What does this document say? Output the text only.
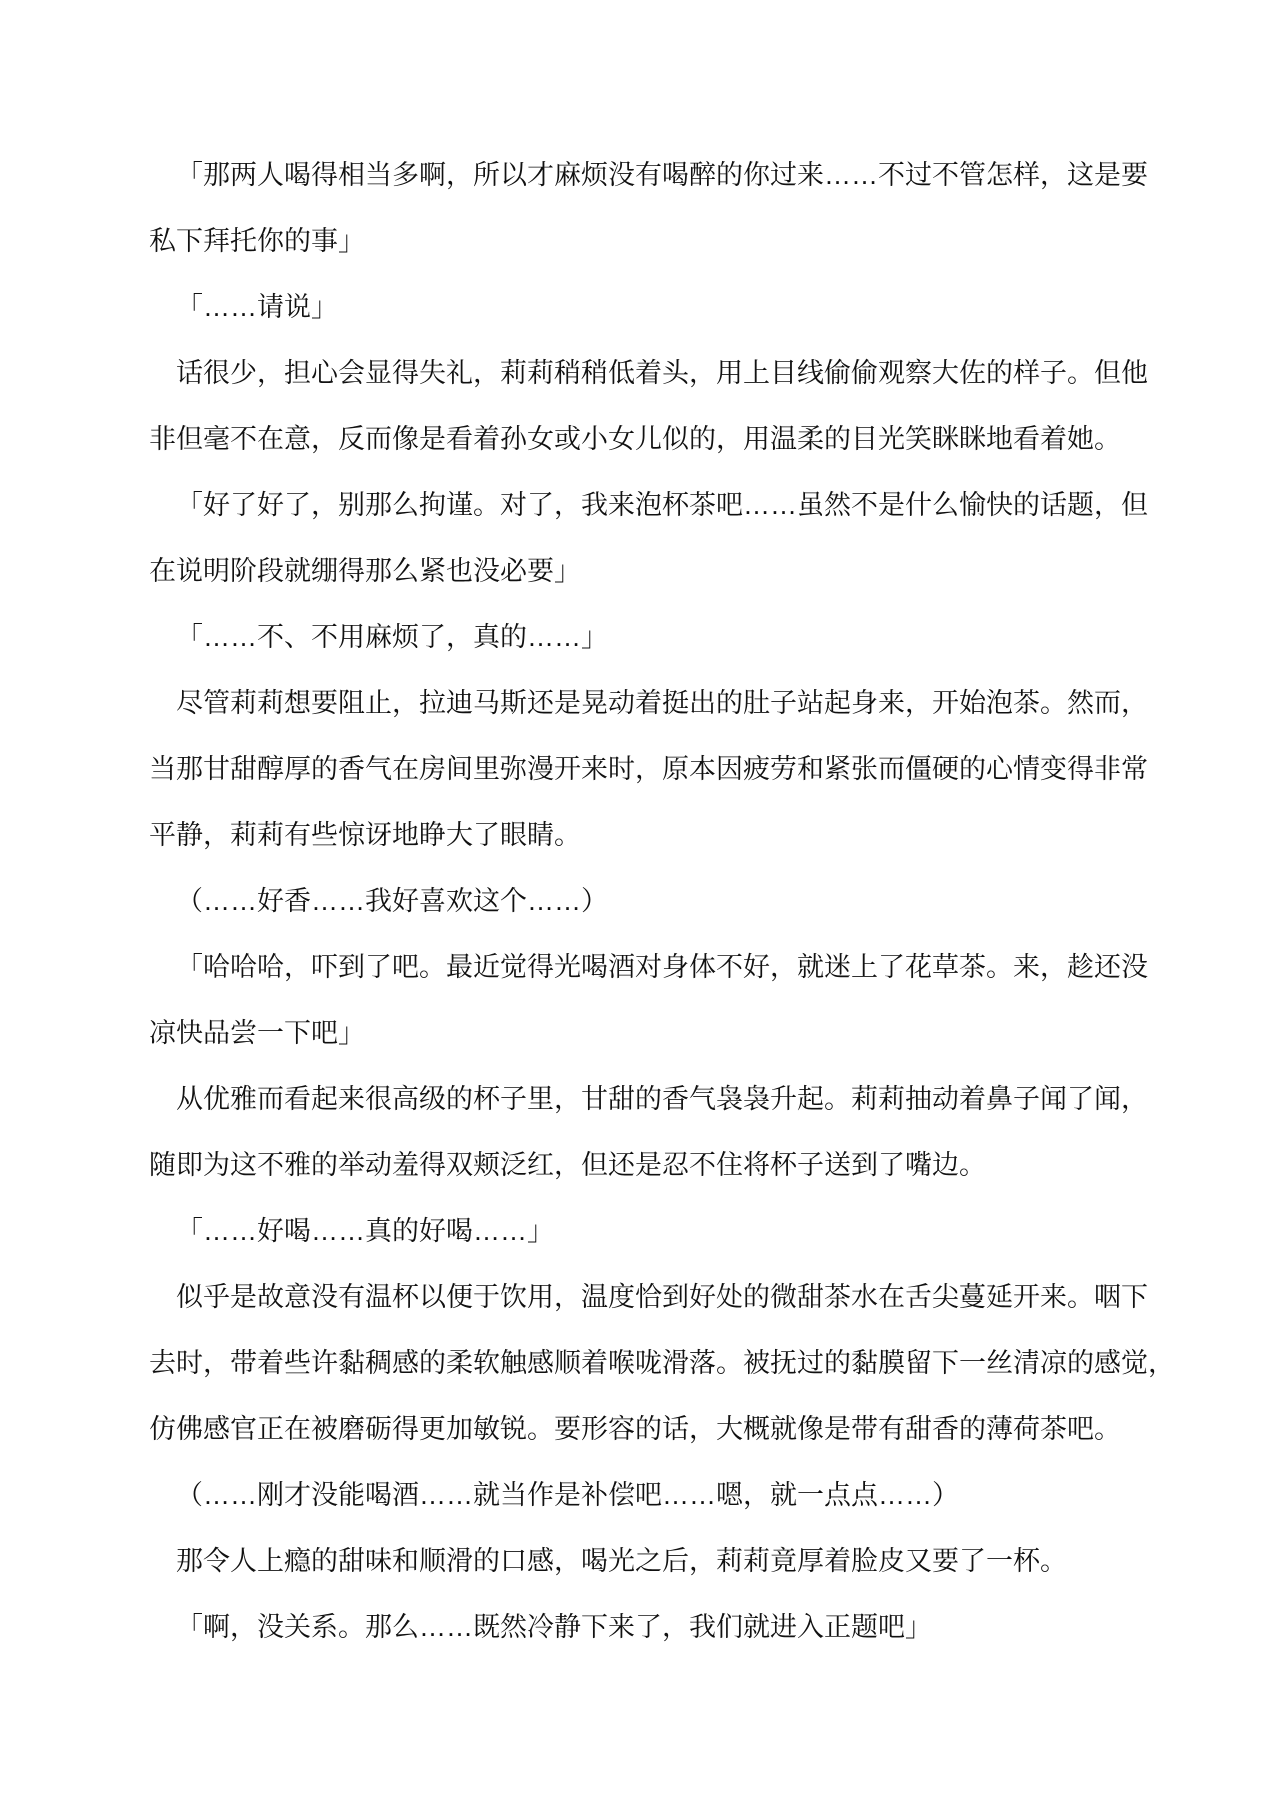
「那两人喝得相当多啊，所以才麻烦没有喝醉的你过来……不过不管怎样，这是要
私下拜托你的事」
「……请说」
话很少，担心会显得失礼，莉莉稍稍低着头，用上目线偷偷观察大佐的样子。但他
非但毫不在意，反而像是看着孙女或小女儿似的，用温柔的目光笑眯眯地看着她。
「好了好了，别那么拘谨。对了，我来泡杯茶吧……虽然不是什么愉快的话题，但
在说明阶段就绷得那么紧也没必要」
「……不、不用麻烦了，真的……」
尽管莉莉想要阻止，拉迪马斯还是晃动着挺出的肚子站起身来，开始泡茶。然而，
当那甘甜醇厚的香气在房间里弥漫开来时，原本因疲劳和紧张而僵硬的心情变得非常
平静，莉莉有些惊讶地睁大了眼睛。
（……好香……我好喜欢这个……）
「哈哈哈，吓到了吧。最近觉得光喝酒对身体不好，就迷上了花草茶。来，趁还没
凉快品尝一下吧」
从优雅而看起来很高级的杯子里，甘甜的香气袅袅升起。莉莉抽动着鼻子闻了闻，
随即为这不雅的举动羞得双颊泛红，但还是忍不住将杯子送到了嘴边。
「……好喝……真的好喝……」
似乎是故意没有温杯以便于饮用，温度恰到好处的微甜茶水在舌尖蔓延开来。咽下
去时，带着些许黏稠感的柔软触感顺着喉咙滑落。被抚过的黏膜留下一丝清凉的感觉，
仿佛感官正在被磨砺得更加敏锐。要形容的话，大概就像是带有甜香的薄荷茶吧。
（……刚才没能喝酒……就当作是补偿吧……嗯，就一点点……）
那令人上瘾的甜味和顺滑的口感，喝光之后，莉莉竟厚着脸皮又要了一杯。
「啊，没关系。那么……既然冷静下来了，我们就进入正题吧」
